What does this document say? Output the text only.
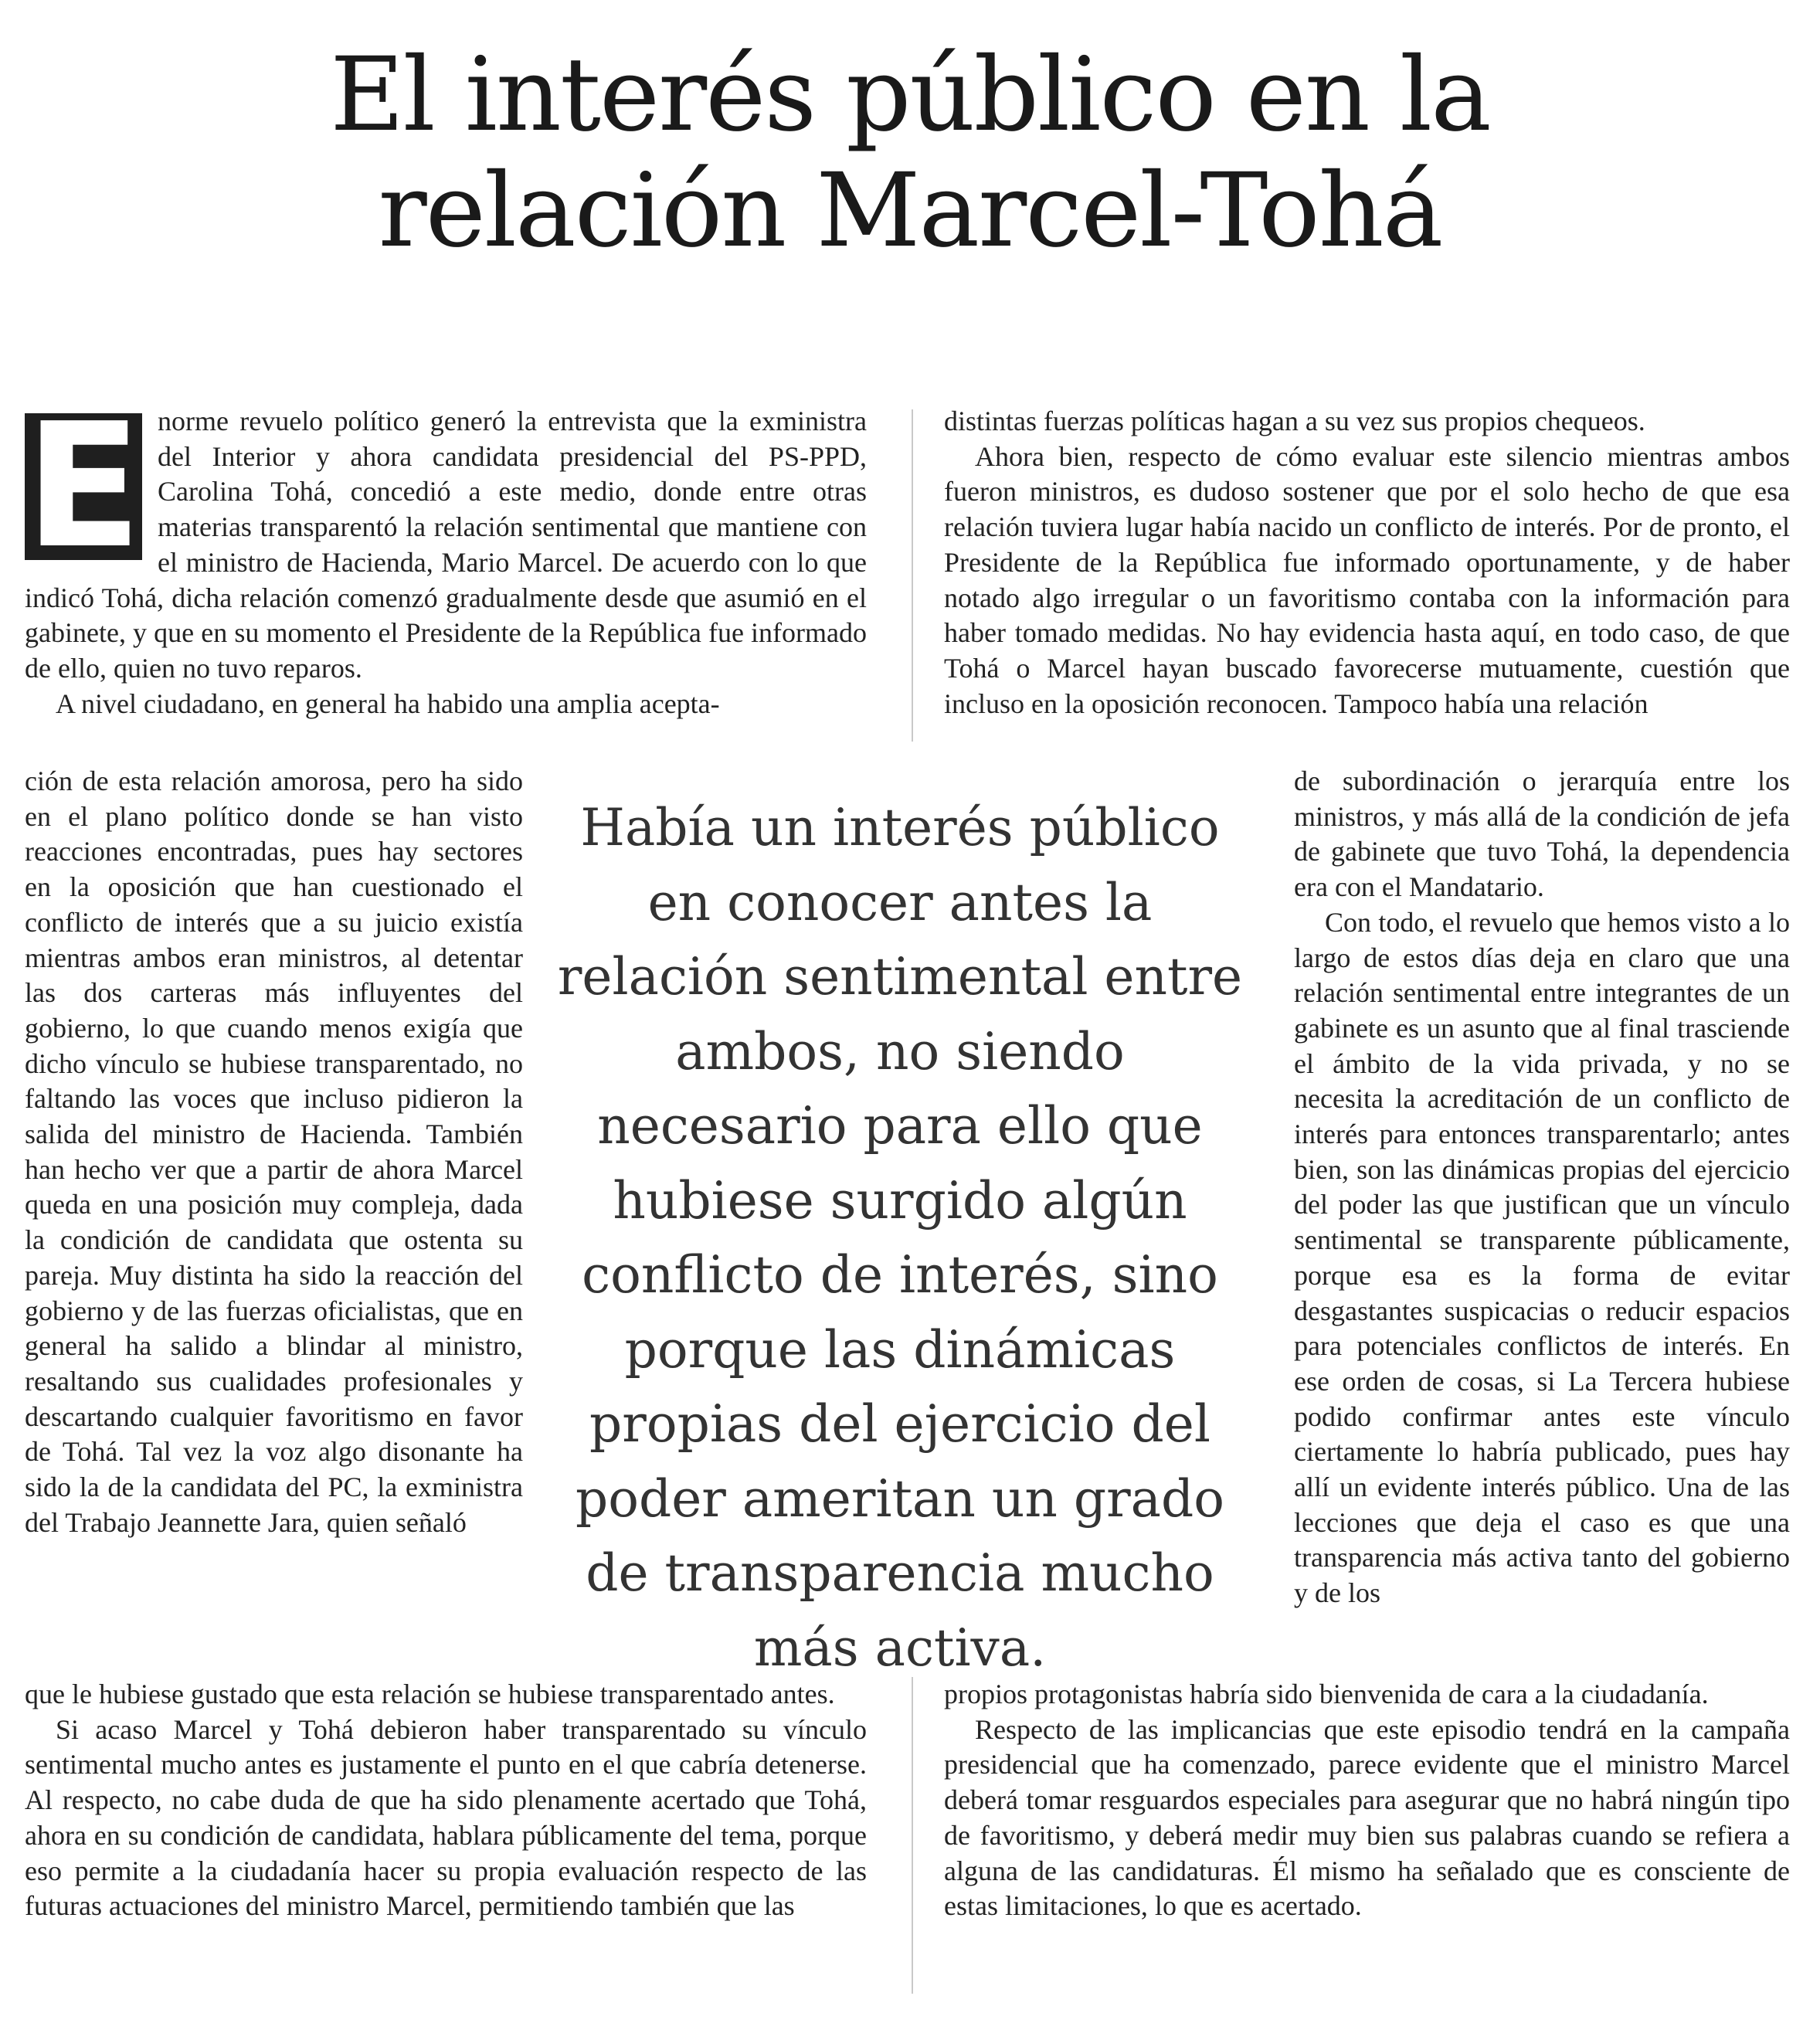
El interés público en la
relación Marcel-Tohá

E norme revuelo político generó la entrevista que la exministra del Interior y ahora candidata presidencial del PS-PPD, Carolina Tohá, concedió a este medio, donde entre otras materias transparentó la relación sentimental que mantiene con el ministro de Hacienda, Mario Marcel. De acuerdo con lo que indicó Tohá, dicha relación comenzó gradualmente desde que asumió en el gabinete, y que en su momento el Presidente de la República fue informado de ello, quien no tuvo reparos.

A nivel ciudadano, en general ha habido una amplia acepta-

ción de esta relación amorosa, pero ha sido en el plano político donde se han visto reacciones encontradas, pues hay sectores en la oposición que han cuestionado el conflicto de interés que a su juicio existía mientras ambos eran ministros, al detentar las dos carteras más influyentes del gobierno, lo que cuando menos exigía que dicho vínculo se hubiese transparentado, no faltando las voces que incluso pidieron la salida del ministro de Hacienda. También han hecho ver que a partir de ahora Marcel queda en una posición muy compleja, dada la condición de candidata que ostenta su pareja. Muy distinta ha sido la reacción del gobierno y de las fuerzas oficialistas, que en general ha salido a blindar al ministro, resaltando sus cualidades profesionales y descartando cualquier favoritismo en favor de Tohá. Tal vez la voz algo disonante ha sido la de la candidata del PC, la exministra del Trabajo Jeannette Jara, quien señaló

que le hubiese gustado que esta relación se hubiese transparentado antes.

Si acaso Marcel y Tohá debieron haber transparentado su vínculo sentimental mucho antes es justamente el punto en el que cabría detenerse. Al respecto, no cabe duda de que ha sido plenamente acertado que Tohá, ahora en su condición de candidata, hablara públicamente del tema, porque eso permite a la ciudadanía hacer su propia evaluación respecto de las futuras actuaciones del ministro Marcel, permitiendo también que las

Había un interés público en conocer antes la relación sentimental entre ambos, no siendo necesario para ello que hubiese surgido algún conflicto de interés, sino porque las dinámicas propias del ejercicio del poder ameritan un grado de transparencia mucho más activa.

distintas fuerzas políticas hagan a su vez sus propios chequeos.

Ahora bien, respecto de cómo evaluar este silencio mientras ambos fueron ministros, es dudoso sostener que por el solo hecho de que esa relación tuviera lugar había nacido un conflicto de interés. Por de pronto, el Presidente de la República fue informado oportunamente, y de haber notado algo irregular o un favoritismo contaba con la información para haber tomado medidas. No hay evidencia hasta aquí, en todo caso, de que Tohá o Marcel hayan buscado favorecerse mutuamente, cuestión que incluso en la oposición reconocen. Tampoco había una relación

de subordinación o jerarquía entre los ministros, y más allá de la condición de jefa de gabinete que tuvo Tohá, la dependencia era con el Mandatario.

Con todo, el revuelo que hemos visto a lo largo de estos días deja en claro que una relación sentimental entre integrantes de un gabinete es un asunto que al final trasciende el ámbito de la vida privada, y no se necesita la acreditación de un conflicto de interés para entonces transparentarlo; antes bien, son las dinámicas propias del ejercicio del poder las que justifican que un vínculo sentimental se transparente públicamente, porque esa es la forma de evitar desgastantes suspicacias o reducir espacios para potenciales conflictos de interés. En ese orden de cosas, si La Tercera hubiese podido confirmar antes este vínculo ciertamente lo habría publicado, pues hay allí un evidente interés público. Una de las lecciones que deja el caso es que una transparencia más activa tanto del gobierno y de los

propios protagonistas habría sido bienvenida de cara a la ciudadanía.

Respecto de las implicancias que este episodio tendrá en la campaña presidencial que ha comenzado, parece evidente que el ministro Marcel deberá tomar resguardos especiales para asegurar que no habrá ningún tipo de favoritismo, y deberá medir muy bien sus palabras cuando se refiera a alguna de las candidaturas. Él mismo ha señalado que es consciente de estas limitaciones, lo que es acertado.
